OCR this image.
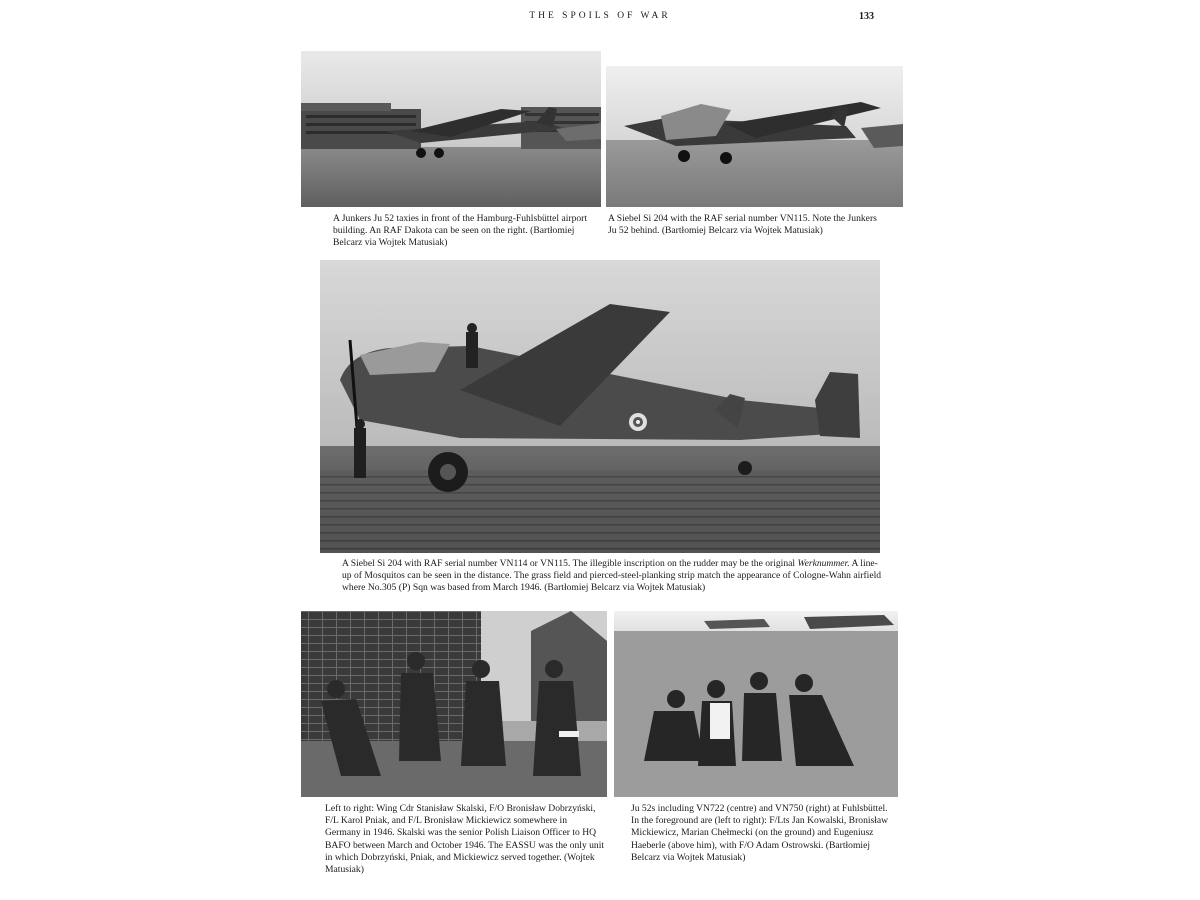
THE SPOILS OF WAR	133
A Junkers Ju 52 taxies in front of the Hamburg-Fuhlsbüttel airport building. An RAF Dakota can be seen on the right. (Bartłomiej Belcarz via Wojtek Matusiak)
A Siebel Si 204 with the RAF serial number VN115. Note the Junkers Ju 52 behind. (Bartłomiej Belcarz via Wojtek Matusiak)

A Siebel Si 204 with RAF serial number VN114 or VN115. The illegible inscription on the rudder may be the original Werknummer. A line-up of Mosquitos can be seen in the distance. The grass field and pierced-steel-planking strip match the appearance of Cologne-Wahn airfield where No.305 (P) Sqn was based from March 1946. (Bartłomiej Belcarz via Wojtek Matusiak)

Left to right: Wing Cdr Stanisław Skalski, F/O Bronisław Dobrzyński, F/L Karol Pniak, and F/L Bronisław Mickiewicz somewhere in Germany in 1946. Skalski was the senior Polish Liaison Officer to HQ BAFO between March and October 1946. The EASSU was the only unit in which Dobrzyński, Pniak, and Mickiewicz served together. (Wojtek Matusiak)
Ju 52s including VN722 (centre) and VN750 (right) at Fuhlsbüttel. In the foreground are (left to right): F/Lts Jan Kowalski, Bronisław Mickiewicz, Marian Chełmecki (on the ground) and Eugeniusz Haeberle (above him), with F/O Adam Ostrowski. (Bartłomiej Belcarz via Wojtek Matusiak)
